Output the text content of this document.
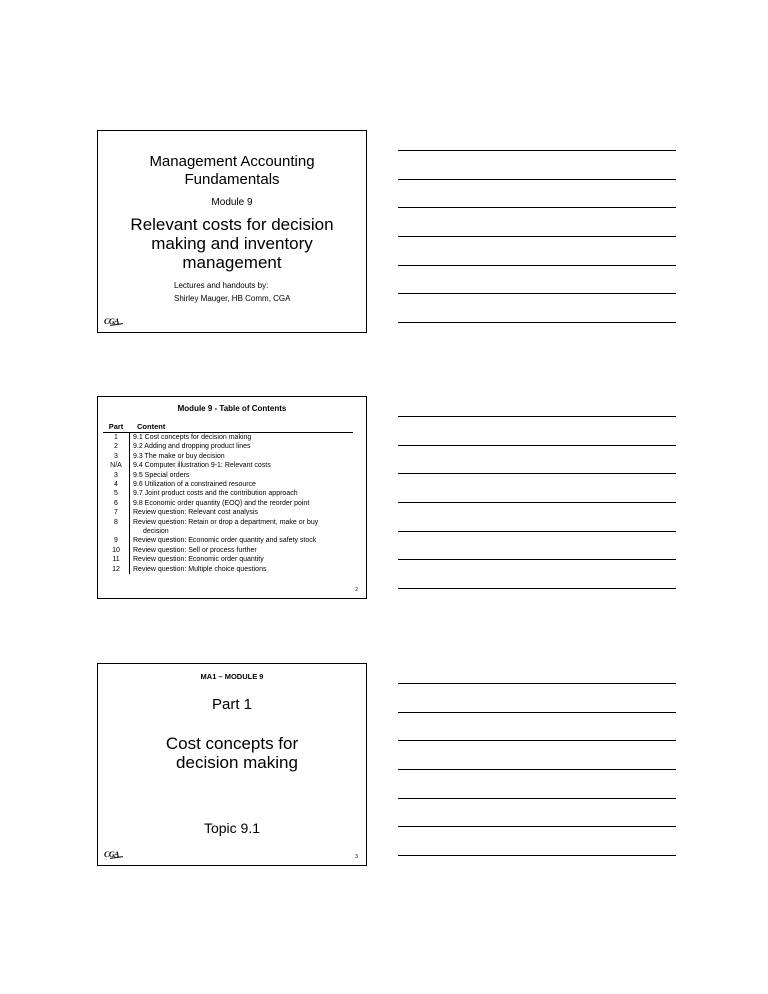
Management Accounting
Fundamentals
Module 9
Relevant costs for decision
making and inventory
management
Lectures and handouts by:
Shirley Mauger, HB Comm, CGA
CGA
Module 9 - Table of Contents
Part	Content
1	9.1 Cost concepts for decision making
2	9.2 Adding and dropping product lines
3	9.3 The make or buy decision
N/A	9.4 Computer illustration 9-1: Relevant costs
3	9.5 Special orders
4	9.6 Utilization of a constrained resource
5	9.7 Joint product costs and the contribution approach
6	9.8 Economic order quantity (EOQ) and the reorder point
7	Review question: Relevant cost analysis
8	Review question: Retain or drop a department, make or buy
decision
9	Review question: Economic order quantity and safety stock
10	Review question: Sell or process further
11	Review question: Economic order quantity
12	Review question: Multiple choice questions
2
MA1 – MODULE 9
Part 1
Cost concepts for
decision making
Topic 9.1
CGA	3
